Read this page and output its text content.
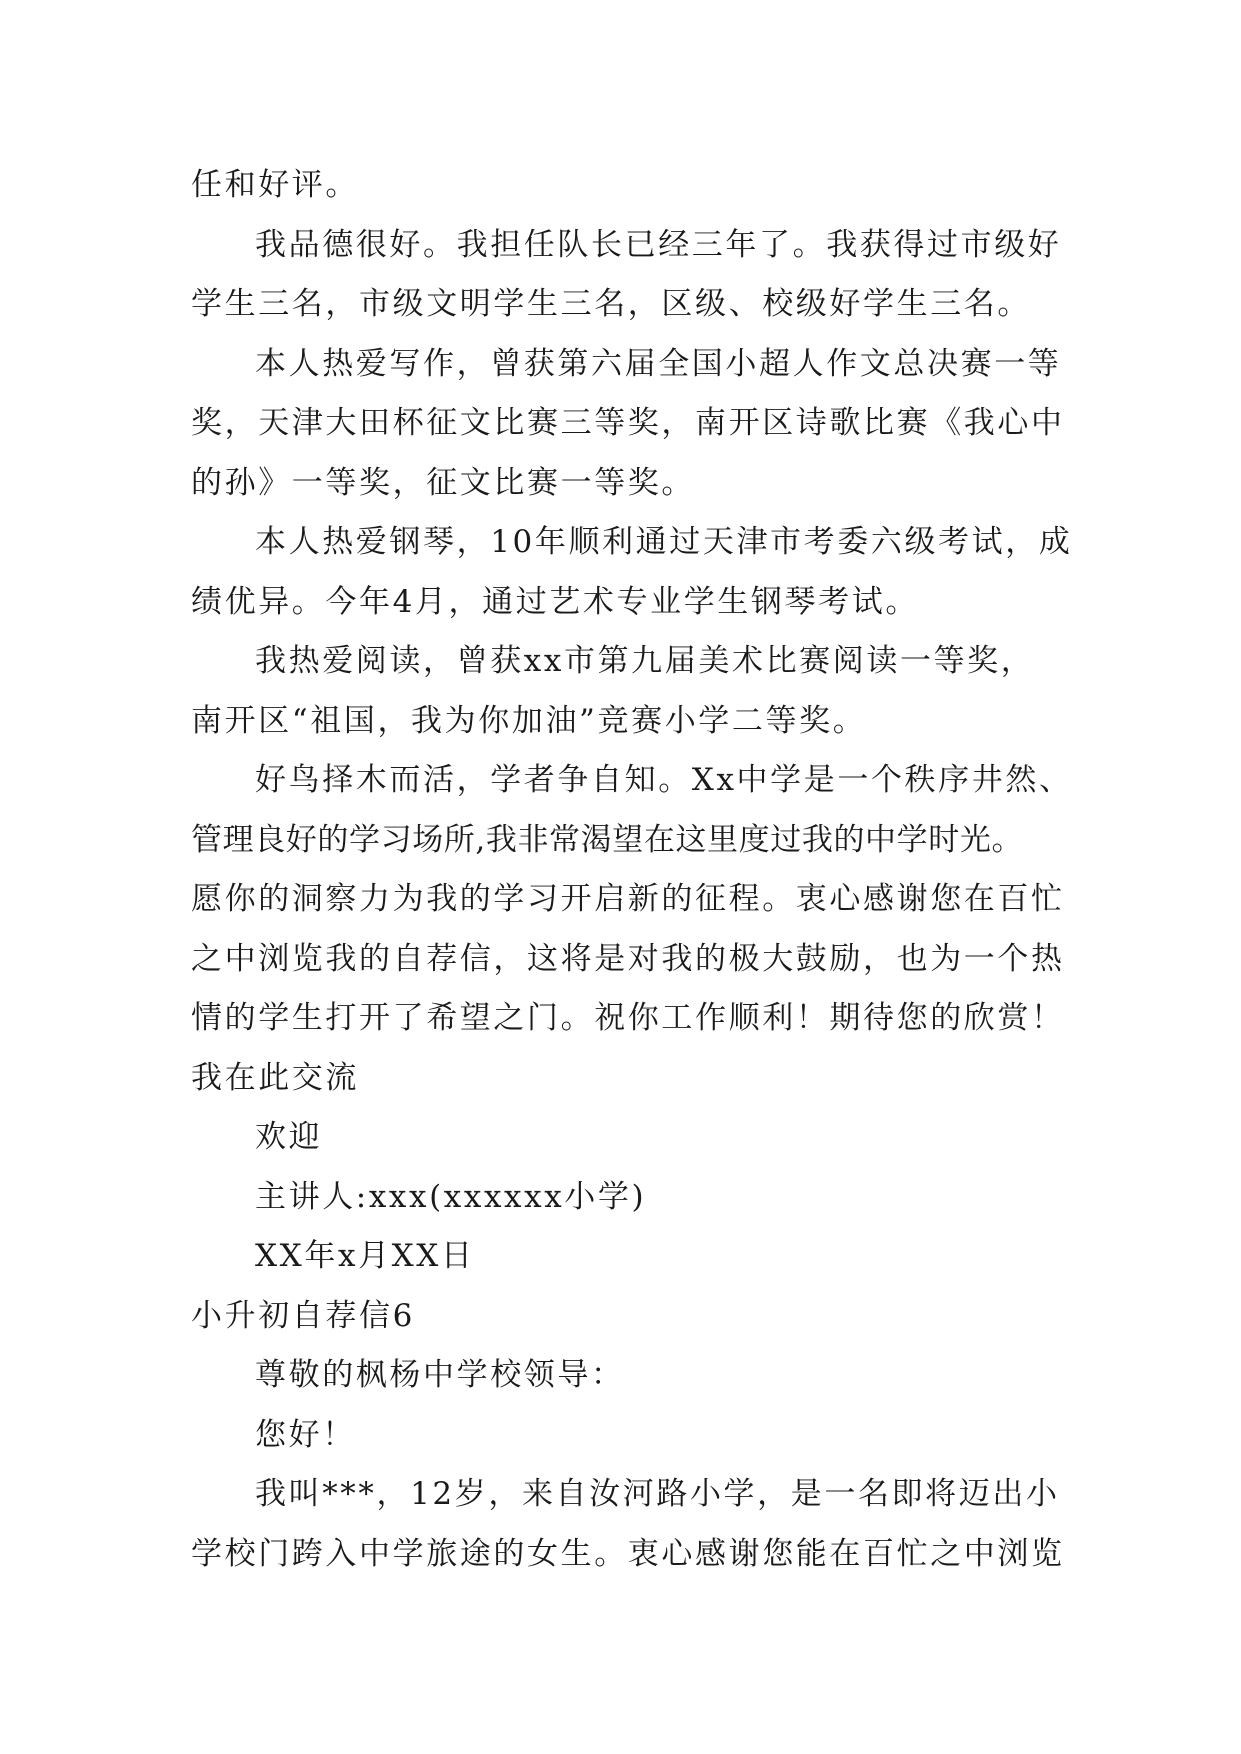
任和好评。
我品德很好。我担任队长已经三年了。我获得过市级好
学生三名，市级文明学生三名，区级、校级好学生三名。
本人热爱写作，曾获第六届全国小超人作文总决赛一等
奖，天津大田杯征文比赛三等奖，南开区诗歌比赛《我心中
的孙》一等奖，征文比赛一等奖。
本人热爱钢琴，10年顺利通过天津市考委六级考试，成
绩优异。今年4月，通过艺术专业学生钢琴考试。
我热爱阅读，曾获xx市第九届美术比赛阅读一等奖，
南开区“祖国，我为你加油”竞赛小学二等奖。
好鸟择木而活，学者争自知。Xx中学是一个秩序井然、
管理良好的学习场所,我非常渴望在这里度过我的中学时光。
愿你的洞察力为我的学习开启新的征程。衷心感谢您在百忙
之中浏览我的自荐信，这将是对我的极大鼓励，也为一个热
情的学生打开了希望之门。祝你工作顺利！期待您的欣赏！
我在此交流
欢迎
主讲人:xxx(xxxxxx小学)
XX年x月XX日
小升初自荐信6
尊敬的枫杨中学校领导：
您好！
我叫***，12岁，来自汝河路小学，是一名即将迈出小
学校门跨入中学旅途的女生。衷心感谢您能在百忙之中浏览
